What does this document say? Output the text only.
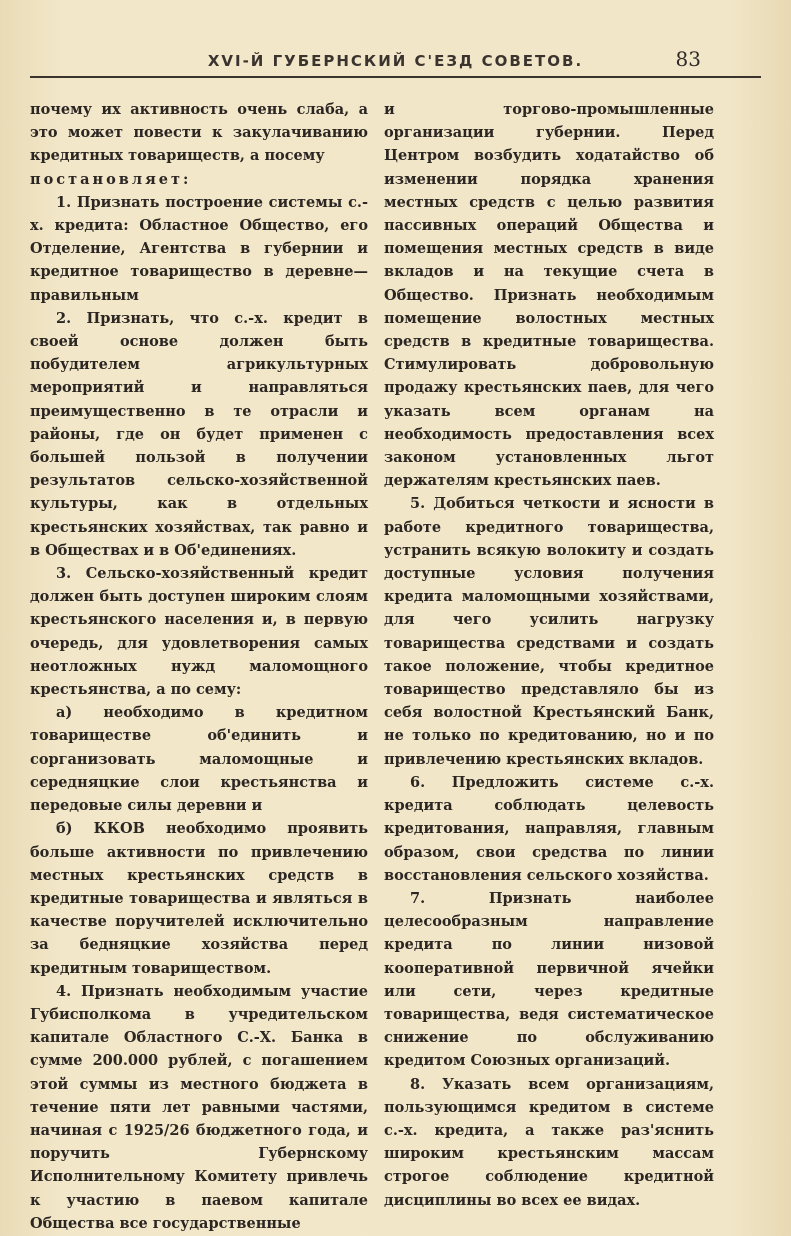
XVI-Й ГУБЕРНСКИЙ С'ЕЗД СОВЕТОВ.	83

почему их активность очень слаба, а это может повести к закулачиванию кредитных товариществ, а посему

постановляет:

1. Признать построение системы с.-х. кредита: Областное Общество, его Отделение, Агентства в губернии и кредитное товарищество в деревне—правильным

2. Признать, что с.-х. кредит в своей основе должен быть побудителем агрикультурных мероприятий и направляться преимущественно в те отрасли и районы, где он будет применен с большей пользой в получении результатов сельско-хозяйственной культуры, как в отдельных крестьянских хозяйствах, так равно и в Обществах и в Об'единениях.

3. Сельско-хозяйственный кредит должен быть доступен широким слоям крестьянского населения и, в первую очередь, для удовлетворения самых неотложных нужд маломощного крестьянства, а по сему:

а) необходимо в кредитном товариществе об'единить и сорганизовать маломощные и середняцкие слои крестьянства и передовые силы деревни и

б) ККОВ необходимо проявить больше активности по привлечению местных крестьянских средств в кредитные товарищества и являться в качестве поручителей исключительно за бедняцкие хозяйства перед кредитным товариществом.

4. Признать необходимым участие Губисполкома в учредительском капитале Областного С.-Х. Банка в сумме 200.000 рублей, с погашением этой суммы из местного бюджета в течение пяти лет равными частями, начиная с 1925/26 бюджетного года, и поручить Губернскому Исполнительному Комитету привлечь к участию в паевом капитале Общества все государственные

и торгово-промышленные организации губернии. Перед Центром возбудить ходатайство об изменении порядка хранения местных средств с целью развития пассивных операций Общества и помещения местных средств в виде вкладов и на текущие счета в Общество. Признать необходимым помещение волостных местных средств в кредитные товарищества. Стимулировать добровольную продажу крестьянских паев, для чего указать всем органам на необходимость предоставления всех законом установленных льгот держателям крестьянских паев.

5. Добиться четкости и ясности в работе кредитного товарищества, устранить всякую волокиту и создать доступные условия получения кредита маломощными хозяйствами, для чего усилить нагрузку товарищества средствами и создать такое положение, чтобы кредитное товарищество представляло бы из себя волостной Крестьянский Банк, не только по кредитованию, но и по привлечению крестьянских вкладов.

6. Предложить системе с.-х. кредита соблюдать целевость кредитования, направляя, главным образом, свои средства по линии восстановления сельского хозяйства.

7. Признать наиболее целесообразным направление кредита по линии низовой кооперативной первичной ячейки или сети, через кредитные товарищества, ведя систематическое снижение по обслуживанию кредитом Союзных организаций.

8. Указать всем организациям, пользующимся кредитом в системе с.-х. кредита, а также раз'яснить широким крестьянским массам строгое соблюдение кредитной дисциплины во всех ее видах.
